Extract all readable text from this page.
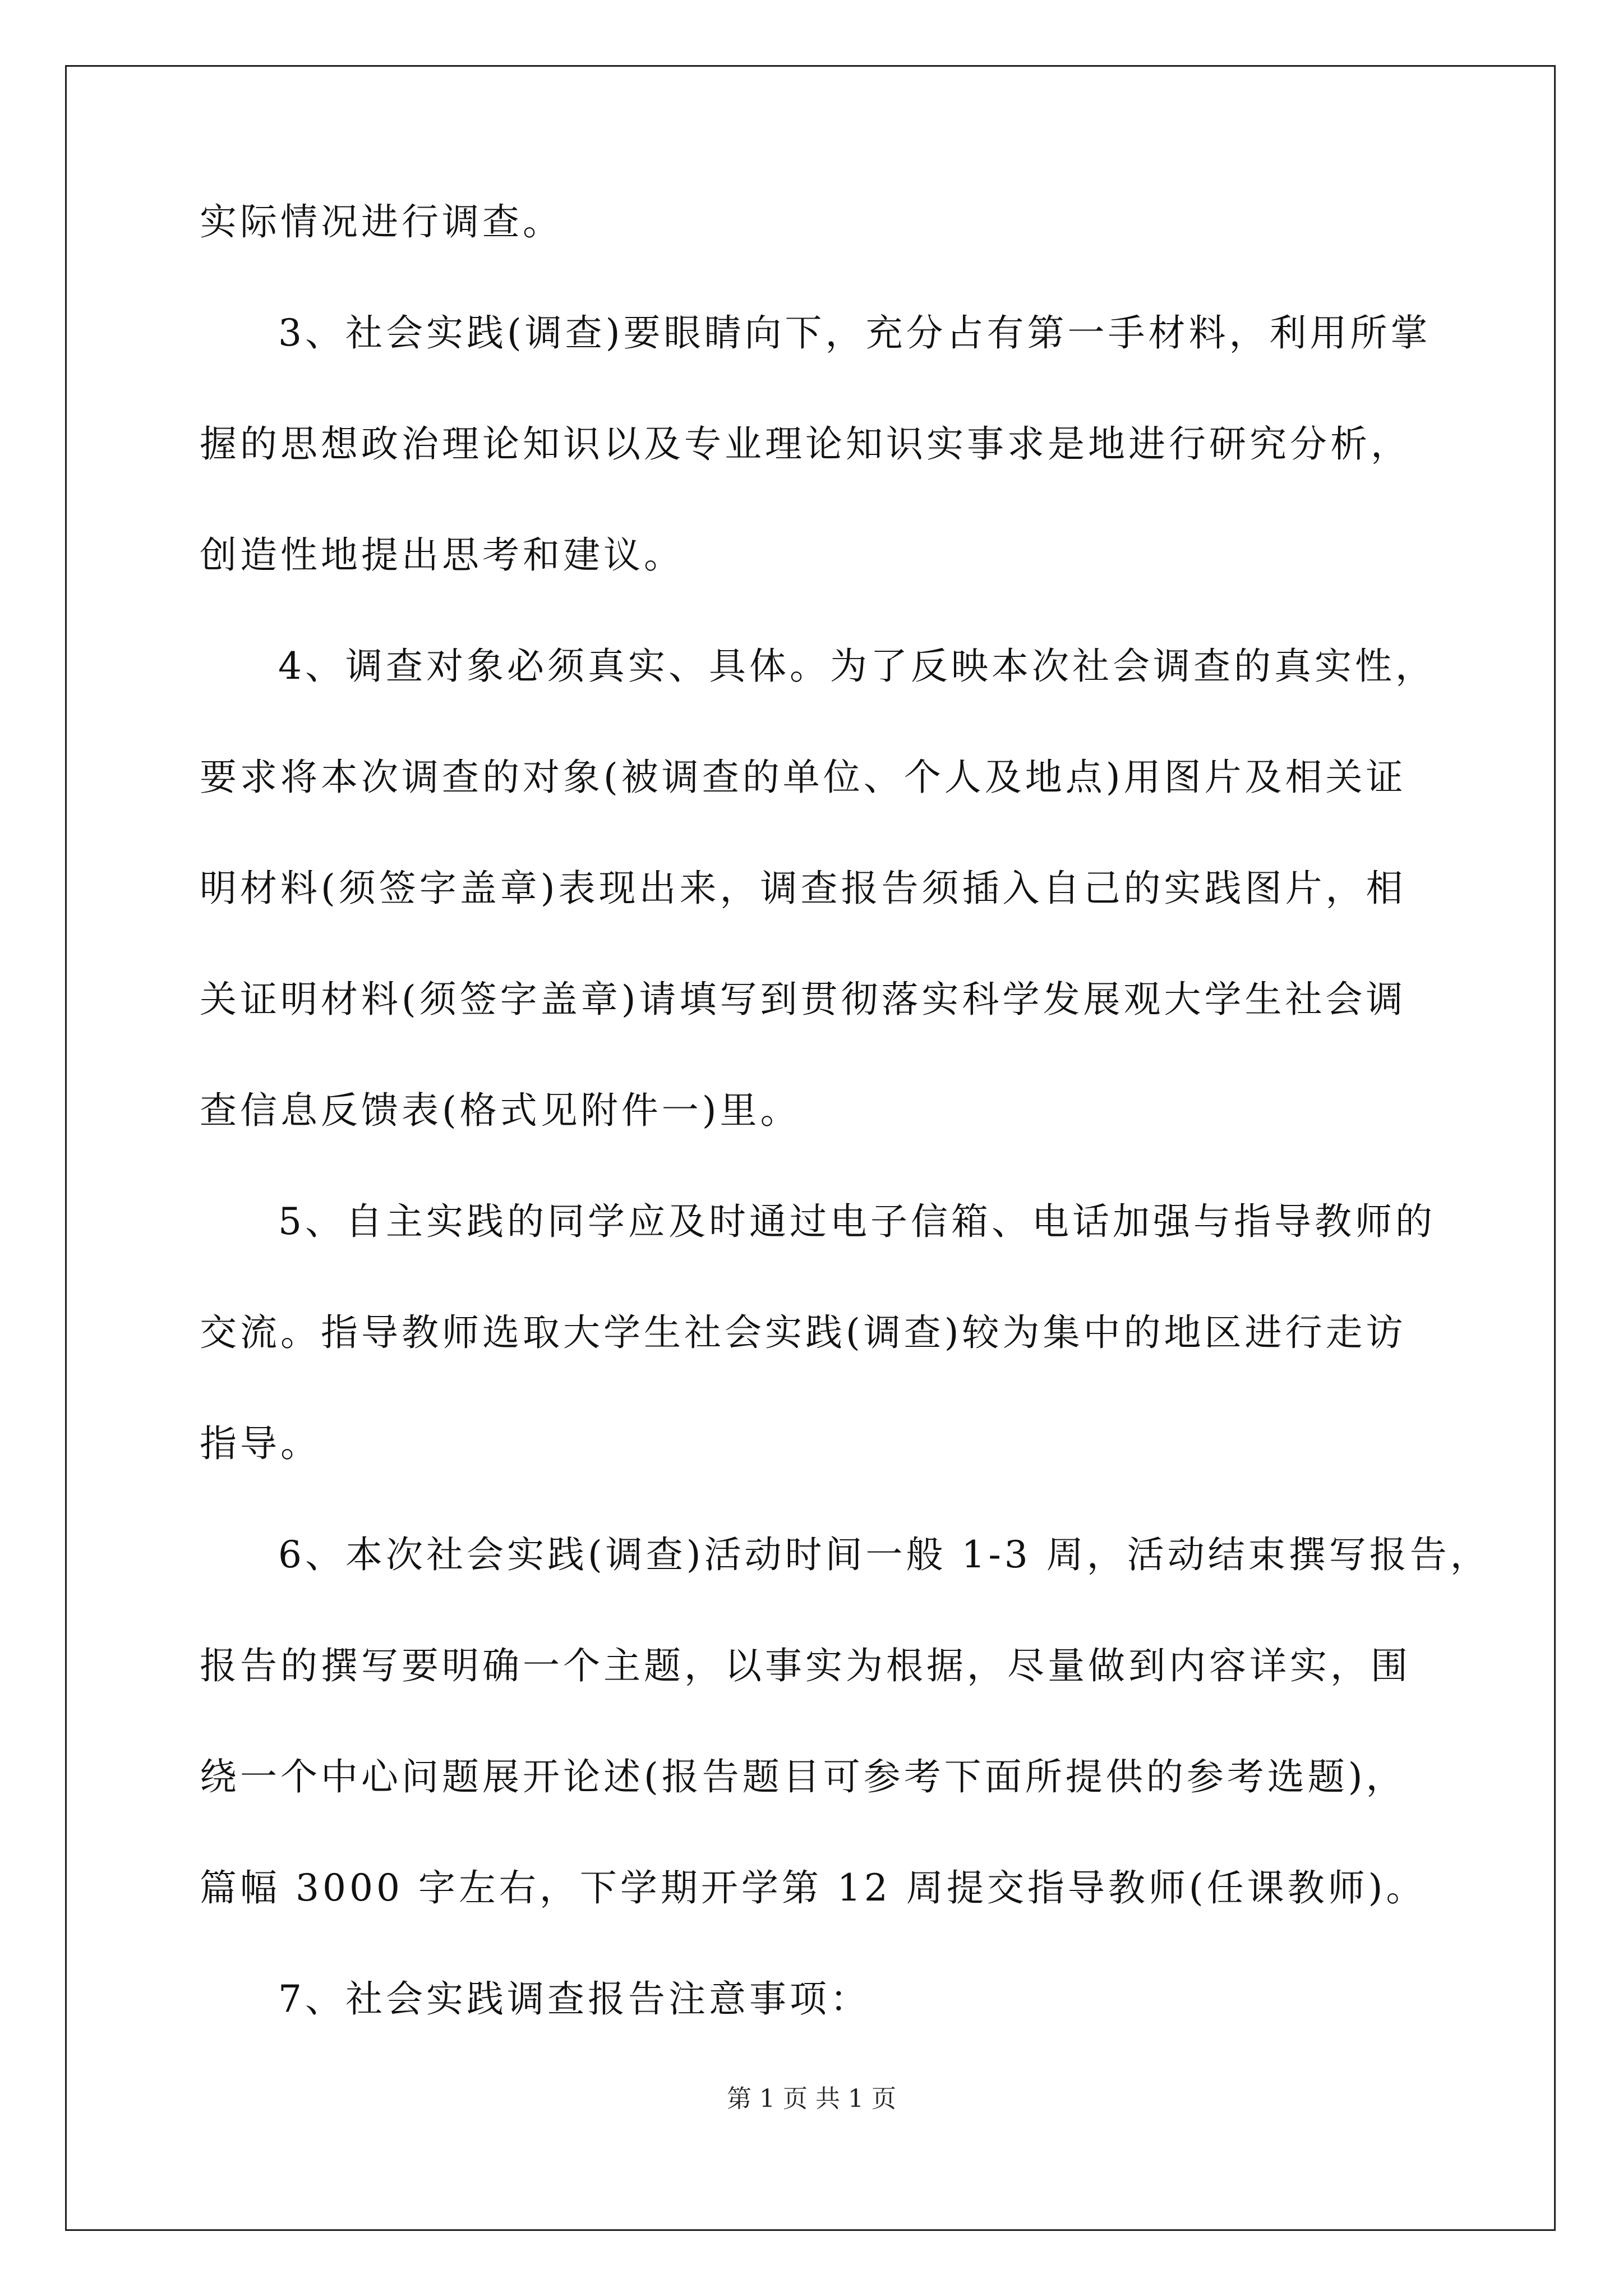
实际情况进行调查。
3、社会实践(调查)要眼睛向下，充分占有第一手材料，利用所掌
握的思想政治理论知识以及专业理论知识实事求是地进行研究分析，
创造性地提出思考和建议。
4、调查对象必须真实、具体。为了反映本次社会调查的真实性，
要求将本次调查的对象(被调查的单位、个人及地点)用图片及相关证
明材料(须签字盖章)表现出来，调查报告须插入自己的实践图片，相
关证明材料(须签字盖章)请填写到贯彻落实科学发展观大学生社会调
查信息反馈表(格式见附件一)里。
5、自主实践的同学应及时通过电子信箱、电话加强与指导教师的
交流。指导教师选取大学生社会实践(调查)较为集中的地区进行走访
指导。
6、本次社会实践(调查)活动时间一般 1-3 周，活动结束撰写报告，
报告的撰写要明确一个主题，以事实为根据，尽量做到内容详实，围
绕一个中心问题展开论述(报告题目可参考下面所提供的参考选题)，
篇幅 3000 字左右，下学期开学第 12 周提交指导教师(任课教师)。
7、社会实践调查报告注意事项：
第 1 页 共 1 页
